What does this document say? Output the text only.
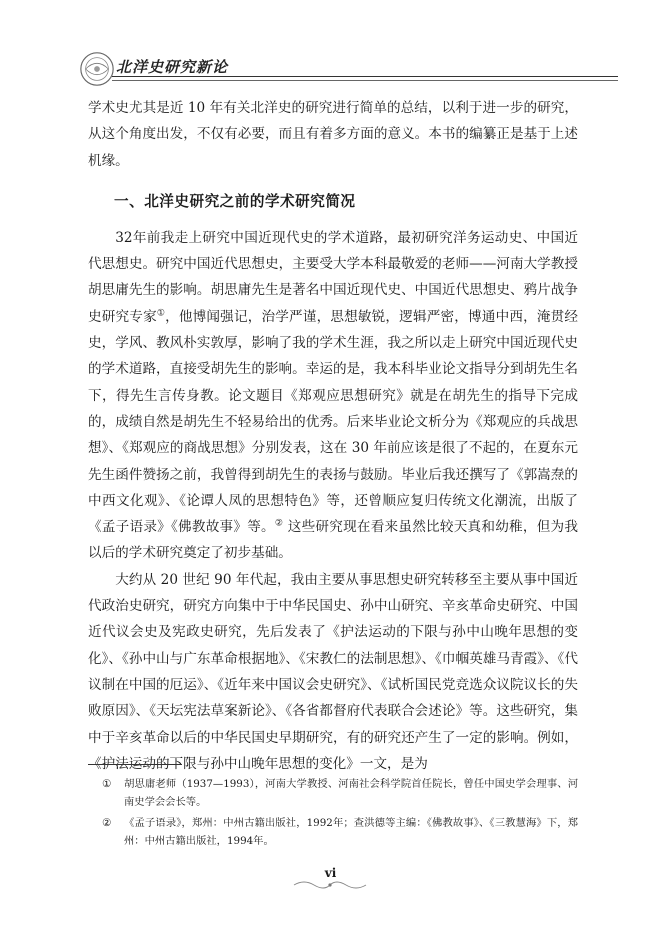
北洋史研究新论

学术史尤其是近 10 年有关北洋史的研究进行简单的总结，以利于进一步的研究，从这个角度出发，不仅有必要，而且有着多方面的意义。本书的编纂正是基于上述机缘。

一、北洋史研究之前的学术研究简况

32年前我走上研究中国近现代史的学术道路，最初研究洋务运动史、中国近代思想史。研究中国近代思想史，主要受大学本科最敬爱的老师——河南大学教授胡思庸先生的影响。胡思庸先生是著名中国近现代史、中国近代思想史、鸦片战争史研究专家①，他博闻强记，治学严谨，思想敏锐，逻辑严密，博通中西，淹贯经史，学风、教风朴实敦厚，影响了我的学术生涯，我之所以走上研究中国近现代史的学术道路，直接受胡先生的影响。幸运的是，我本科毕业论文指导分到胡先生名下，得先生言传身教。论文题目《郑观应思想研究》就是在胡先生的指导下完成的，成绩自然是胡先生不轻易给出的优秀。后来毕业论文析分为《郑观应的兵战思想》、《郑观应的商战思想》分别发表，这在 30 年前应该是很了不起的，在夏东元先生函件赞扬之前，我曾得到胡先生的表扬与鼓励。毕业后我还撰写了《郭嵩焘的中西文化观》、《论谭人凤的思想特色》等，还曾顺应复归传统文化潮流，出版了《孟子语录》《佛教故事》等。② 这些研究现在看来虽然比较天真和幼稚，但为我以后的学术研究奠定了初步基础。

大约从 20 世纪 90 年代起，我由主要从事思想史研究转移至主要从事中国近代政治史研究，研究方向集中于中华民国史、孙中山研究、辛亥革命史研究、中国近代议会史及宪政史研究，先后发表了《护法运动的下限与孙中山晚年思想的变化》、《孙中山与广东革命根据地》、《宋教仁的法制思想》、《巾帼英雄马青霞》、《代议制在中国的厄运》、《近年来中国议会史研究》、《试析国民党竞选众议院议长的失败原因》、《天坛宪法草案新论》、《各省都督府代表联合会述论》等。这些研究，集中于辛亥革命以后的中华民国史早期研究，有的研究还产生了一定的影响。例如，《护法运动的下限与孙中山晚年思想的变化》一文，是为

① 胡思庸老师（1937—1993），河南大学教授、河南社会科学院首任院长，曾任中国史学会理事、河南史学会会长等。

② 《孟子语录》，郑州：中州古籍出版社，1992年；查洪德等主编：《佛教故事》、《三教慧海》下，郑州：中州古籍出版社，1994年。

vi
